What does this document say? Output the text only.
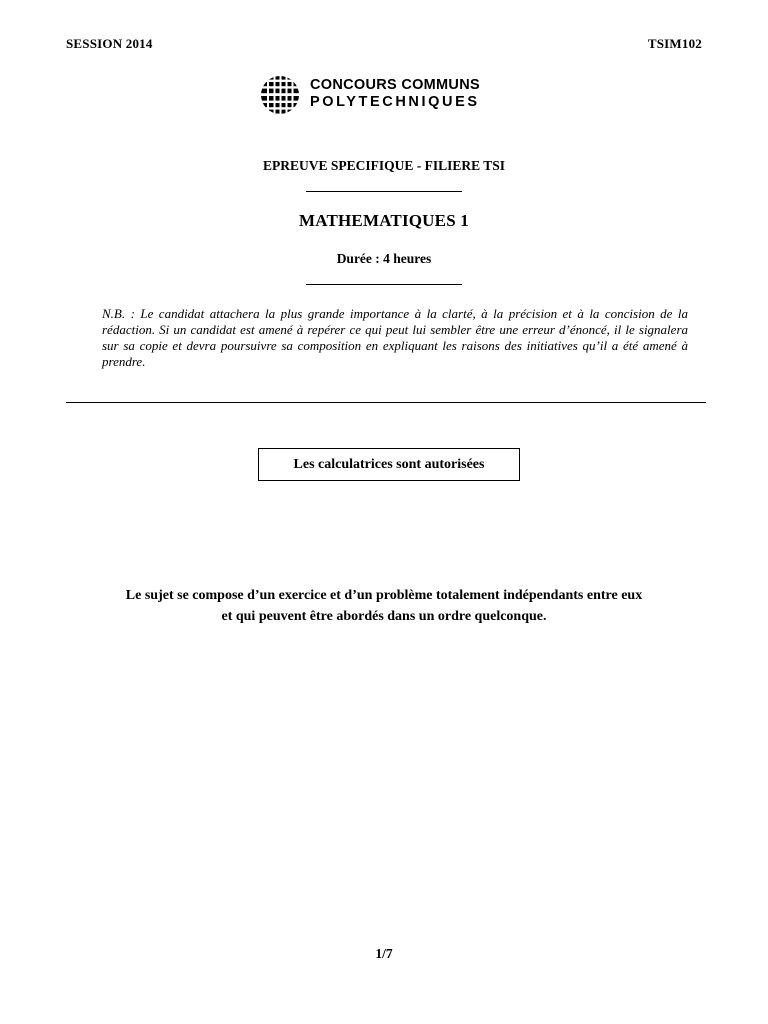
SESSION 2014	TSIM102
CONCOURS COMMUNS
POLYTECHNIQUES
EPREUVE SPECIFIQUE - FILIERE TSI
MATHEMATIQUES 1
Durée : 4 heures
N.B. : Le candidat attachera la plus grande importance à la clarté, à la précision et à la concision de la rédaction. Si un candidat est amené à repérer ce qui peut lui sembler être une erreur d’énoncé, il le signalera sur sa copie et devra poursuivre sa composition en expliquant les raisons des initiatives qu’il a été amené à prendre.
Les calculatrices sont autorisées
Le sujet se compose d’un exercice et d’un problème totalement indépendants entre eux
et qui peuvent être abordés dans un ordre quelconque.
1/7
